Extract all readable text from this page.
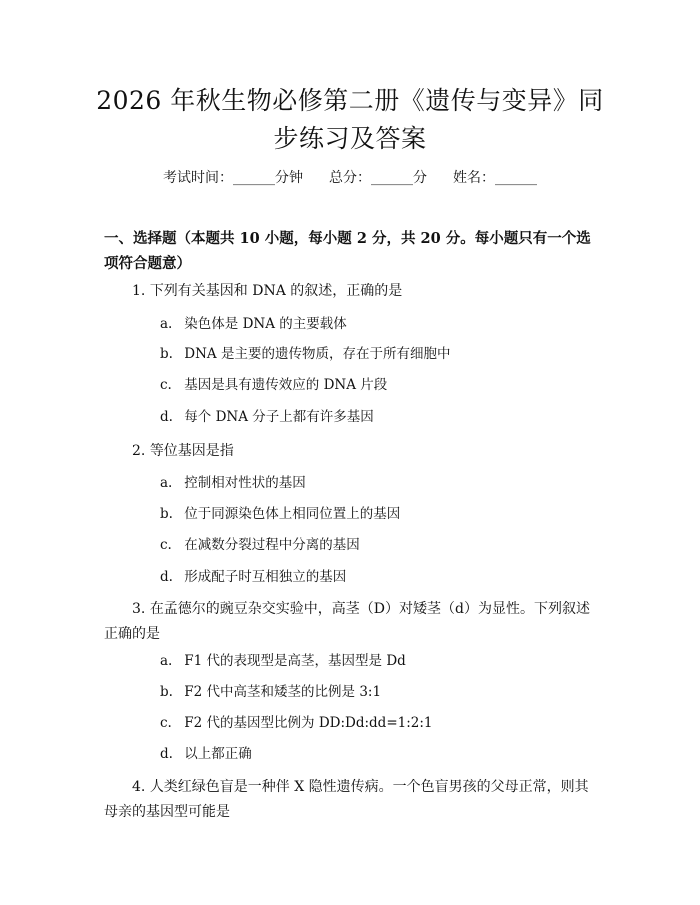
2026 年秋生物必修第二册《遗传与变异》同
步练习及答案
考试时间：______分钟 总分：______分 姓名：______
一、选择题（本题共 10 小题，每小题 2 分，共 20 分。每小题只有一个选项符合题意）
1. 下列有关基因和 DNA 的叙述，正确的是
a. 染色体是 DNA 的主要载体
b. DNA 是主要的遗传物质，存在于所有细胞中
c. 基因是具有遗传效应的 DNA 片段
d. 每个 DNA 分子上都有许多基因
2. 等位基因是指
a. 控制相对性状的基因
b. 位于同源染色体上相同位置上的基因
c. 在减数分裂过程中分离的基因
d. 形成配子时互相独立的基因
3. 在孟德尔的豌豆杂交实验中，高茎（D）对矮茎（d）为显性。下列叙述正确的是
a. F1 代的表现型是高茎，基因型是 Dd
b. F2 代中高茎和矮茎的比例是 3:1
c. F2 代的基因型比例为 DD:Dd:dd=1:2:1
d. 以上都正确
4. 人类红绿色盲是一种伴 X 隐性遗传病。一个色盲男孩的父母正常，则其母亲的基因型可能是
